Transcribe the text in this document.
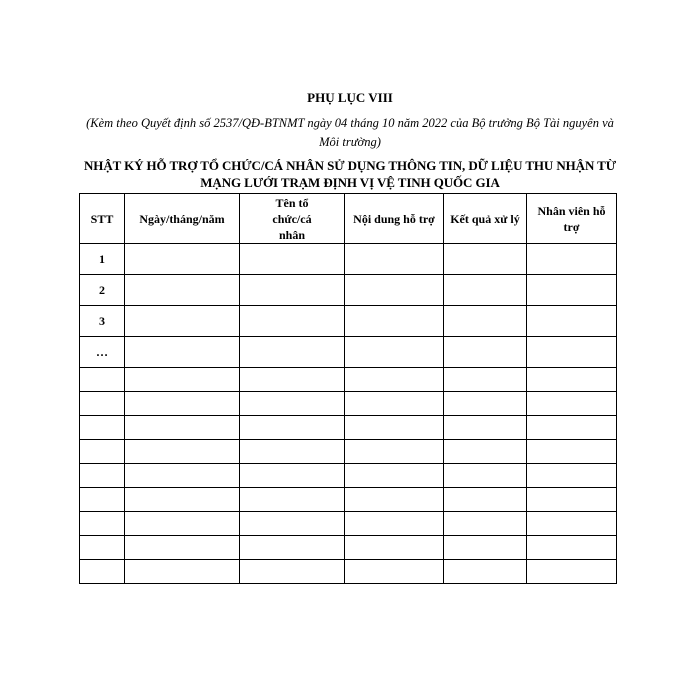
PHỤ LỤC VIII
(Kèm theo Quyết định số 2537/QĐ-BTNMT ngày 04 tháng 10 năm 2022 của Bộ trưởng Bộ Tài nguyên và Môi trường)
NHẬT KÝ HỖ TRỢ TỔ CHỨC/CÁ NHÂN SỬ DỤNG THÔNG TIN, DỮ LIỆU THU NHẬN TỪ MẠNG LƯỚI TRẠM ĐỊNH VỊ VỆ TINH QUỐC GIA
STT	Ngày/tháng/năm	Tên tổ chức/cá nhân	Nội dung hỗ trợ	Kết quả xử lý	Nhân viên hỗ trợ
1					
2					
3					
…					
